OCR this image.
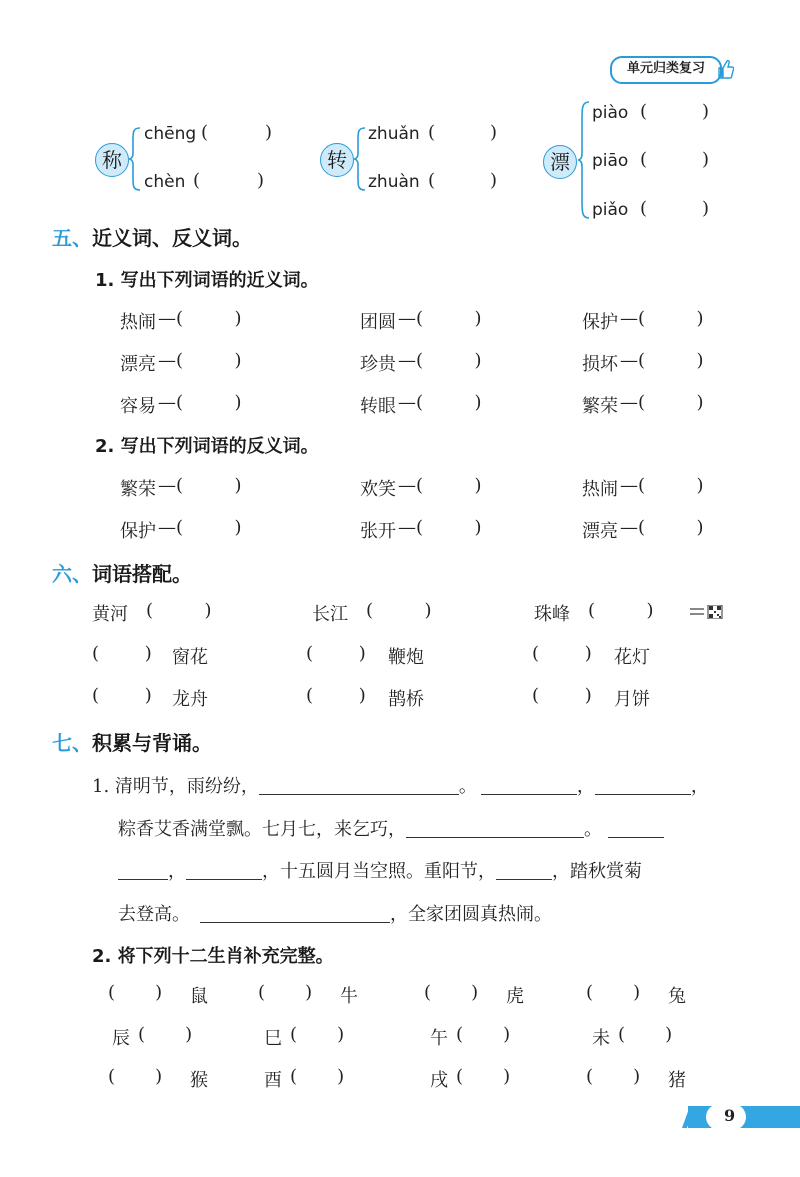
单元归类复习
称
chēng (	)
chèn (	)
转
zhuǎn (	)
zhuàn (	)
漂
piào (	)
piāo (	)
piǎo (	)
五、近义词、反义词。
1. 写出下列词语的近义词。
热闹 —(         )	团圆 —(         )	保护 —(         )
漂亮 —(         )	珍贵 —(         )	损坏 —(         )
容易 —(         )	转眼 —(         )	繁荣 —(         )
2. 写出下列词语的反义词。
繁荣 —(         )	欢笑 —(         )	热闹 —(         )
保护 —(         )	张开 —(         )	漂亮 —(         )
六、词语搭配。
黄河 (         )	长江 (         )	珠峰 (         )
(        ) 窗花	(        ) 鞭炮	(        ) 花灯
(        ) 龙舟	(        ) 鹊桥	(        ) 月饼
七、积累与背诵。
1. 清明节，雨纷纷，	。	，	，
粽香艾香满堂飘。七月七，来乞巧，	。
，	，十五圆月当空照。重阳节，	，踏秋赏菊
去登高。	，全家团圆真热闹。
2. 将下列十二生肖补充完整。
(       ) 鼠	(       ) 牛	(       ) 虎	(       ) 兔
辰 (       )	巳 (       )	午 (       )	未 (       )
(       ) 猴	酉 (       )	戌 (       )	(       ) 猪
9
